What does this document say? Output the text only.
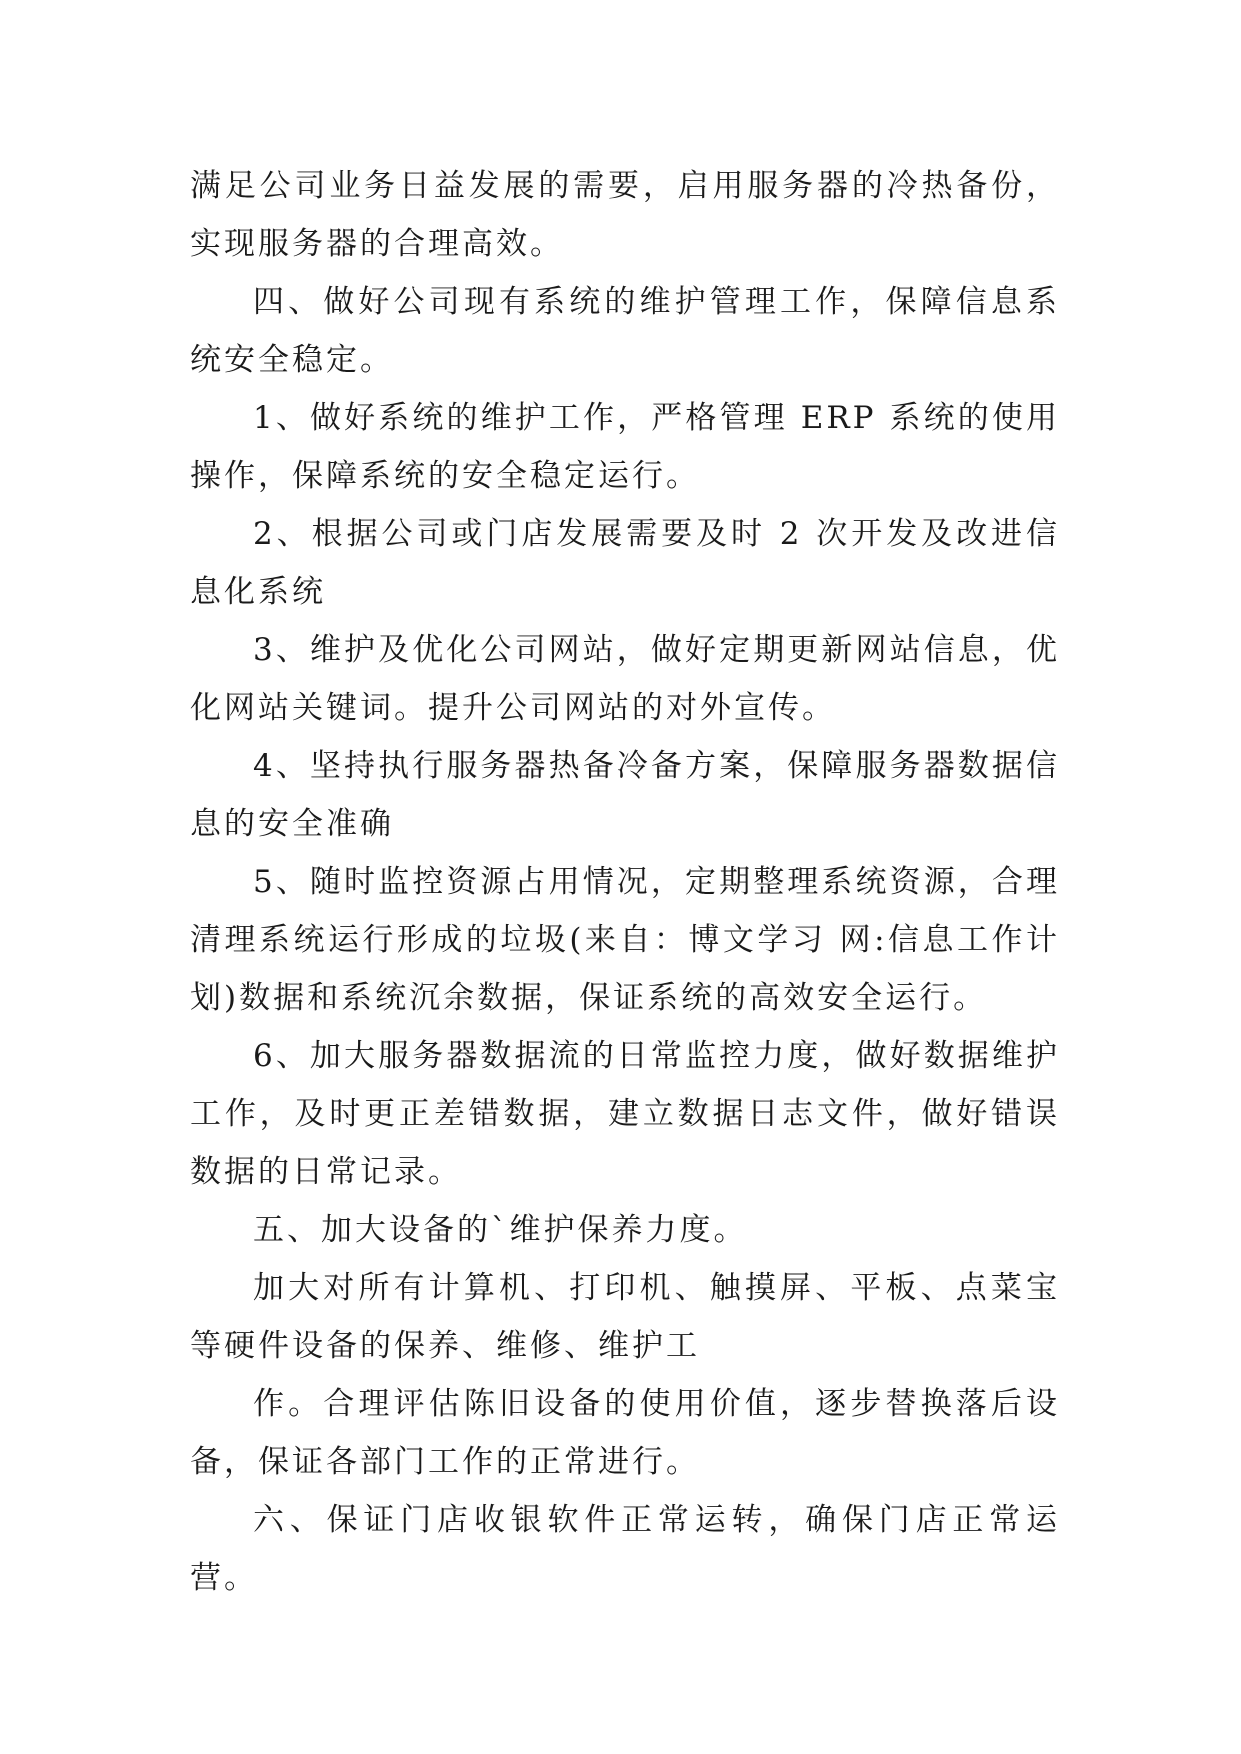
满足公司业务日益发展的需要，启用服务器的冷热备份，实现服务器的合理高效。

四、做好公司现有系统的维护管理工作，保障信息系统安全稳定。

1、做好系统的维护工作，严格管理 ERP 系统的使用操作，保障系统的安全稳定运行。

2、根据公司或门店发展需要及时 2 次开发及改进信息化系统

3、维护及优化公司网站，做好定期更新网站信息，优化网站关键词。提升公司网站的对外宣传。

4、坚持执行服务器热备冷备方案，保障服务器数据信息的安全准确

5、随时监控资源占用情况，定期整理系统资源，合理清理系统运行形成的垃圾(来自：博文学习 网:信息工作计划)数据和系统沉余数据，保证系统的高效安全运行。

6、加大服务器数据流的日常监控力度，做好数据维护工作，及时更正差错数据，建立数据日志文件，做好错误数据的日常记录。

五、加大设备的`维护保养力度。

加大对所有计算机、打印机、触摸屏、平板、点菜宝等硬件设备的保养、维修、维护工

作。合理评估陈旧设备的使用价值，逐步替换落后设备，保证各部门工作的正常进行。

六、保证门店收银软件正常运转，确保门店正常运营。
